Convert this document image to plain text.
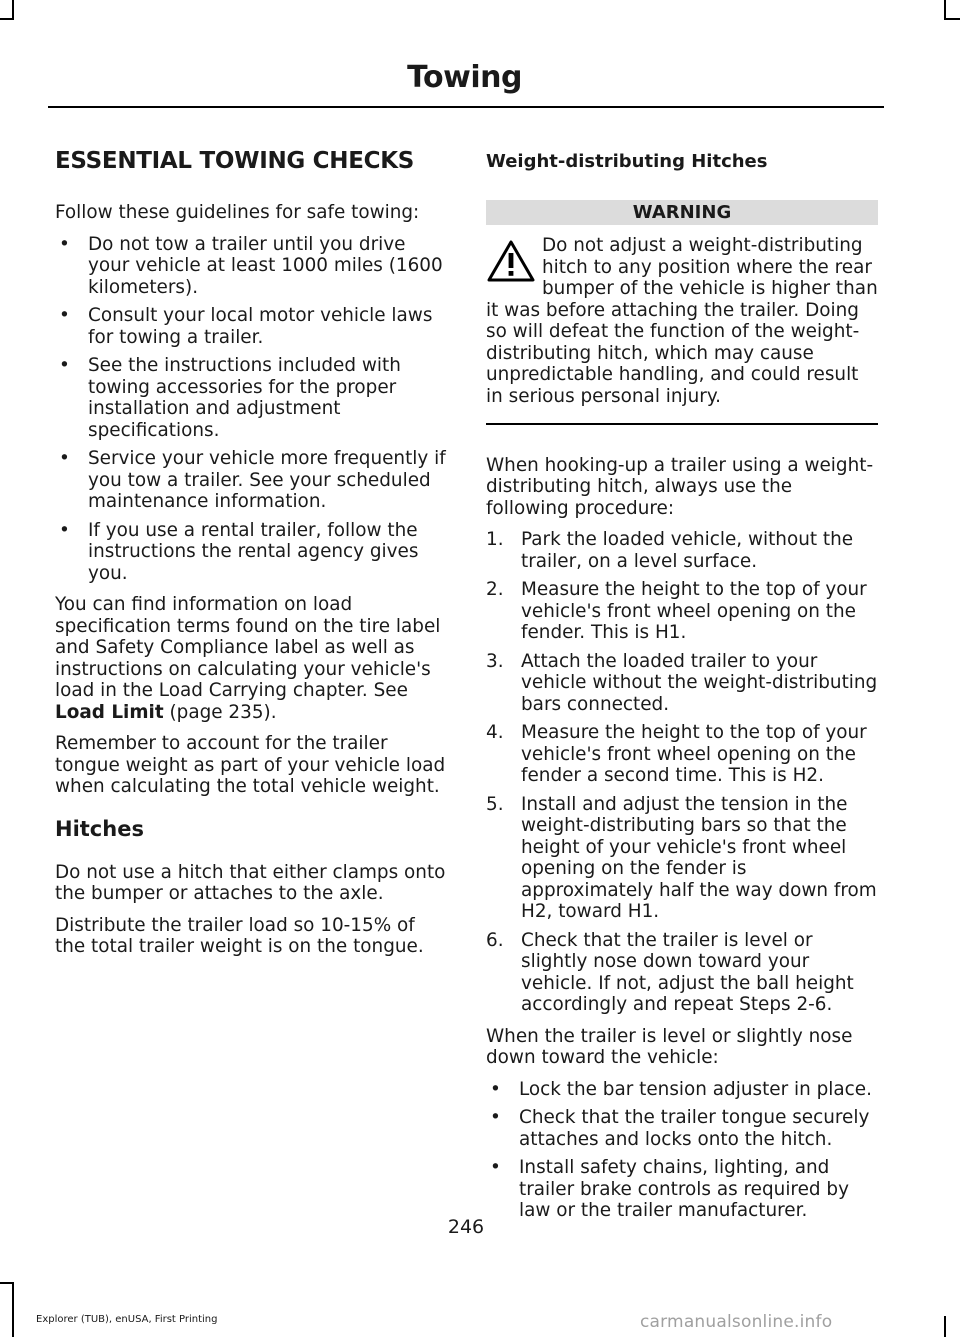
Towing
ESSENTIAL TOWING CHECKS

Follow these guidelines for safe towing:

• Do not tow a trailer until you drive your vehicle at least 1000 miles (1600 kilometers).
• Consult your local motor vehicle laws for towing a trailer.
• See the instructions included with towing accessories for the proper installation and adjustment specifications.
• Service your vehicle more frequently if you tow a trailer. See your scheduled maintenance information.
• If you use a rental trailer, follow the instructions the rental agency gives you.

You can find information on load specification terms found on the tire label and Safety Compliance label as well as instructions on calculating your vehicle's load in the Load Carrying chapter. See Load Limit (page 235).

Remember to account for the trailer tongue weight as part of your vehicle load when calculating the total vehicle weight.

Hitches

Do not use a hitch that either clamps onto the bumper or attaches to the axle.

Distribute the trailer load so 10-15% of the total trailer weight is on the tongue.

Weight-distributing Hitches
WARNING
Do not adjust a weight-distributing hitch to any position where the rear bumper of the vehicle is higher than it was before attaching the trailer. Doing so will defeat the function of the weight-distributing hitch, which may cause unpredictable handling, and could result in serious personal injury.

When hooking-up a trailer using a weight-distributing hitch, always use the following procedure:

1. Park the loaded vehicle, without the trailer, on a level surface.
2. Measure the height to the top of your vehicle's front wheel opening on the fender. This is H1.
3. Attach the loaded trailer to your vehicle without the weight-distributing bars connected.
4. Measure the height to the top of your vehicle's front wheel opening on the fender a second time. This is H2.
5. Install and adjust the tension in the weight-distributing bars so that the height of your vehicle's front wheel opening on the fender is approximately half the way down from H2, toward H1.
6. Check that the trailer is level or slightly nose down toward your vehicle. If not, adjust the ball height accordingly and repeat Steps 2-6.

When the trailer is level or slightly nose down toward the vehicle:

• Lock the bar tension adjuster in place.
• Check that the trailer tongue securely attaches and locks onto the hitch.
• Install safety chains, lighting, and trailer brake controls as required by law or the trailer manufacturer.
246
Explorer (TUB), enUSA, First Printing	carmanualsonline.info
